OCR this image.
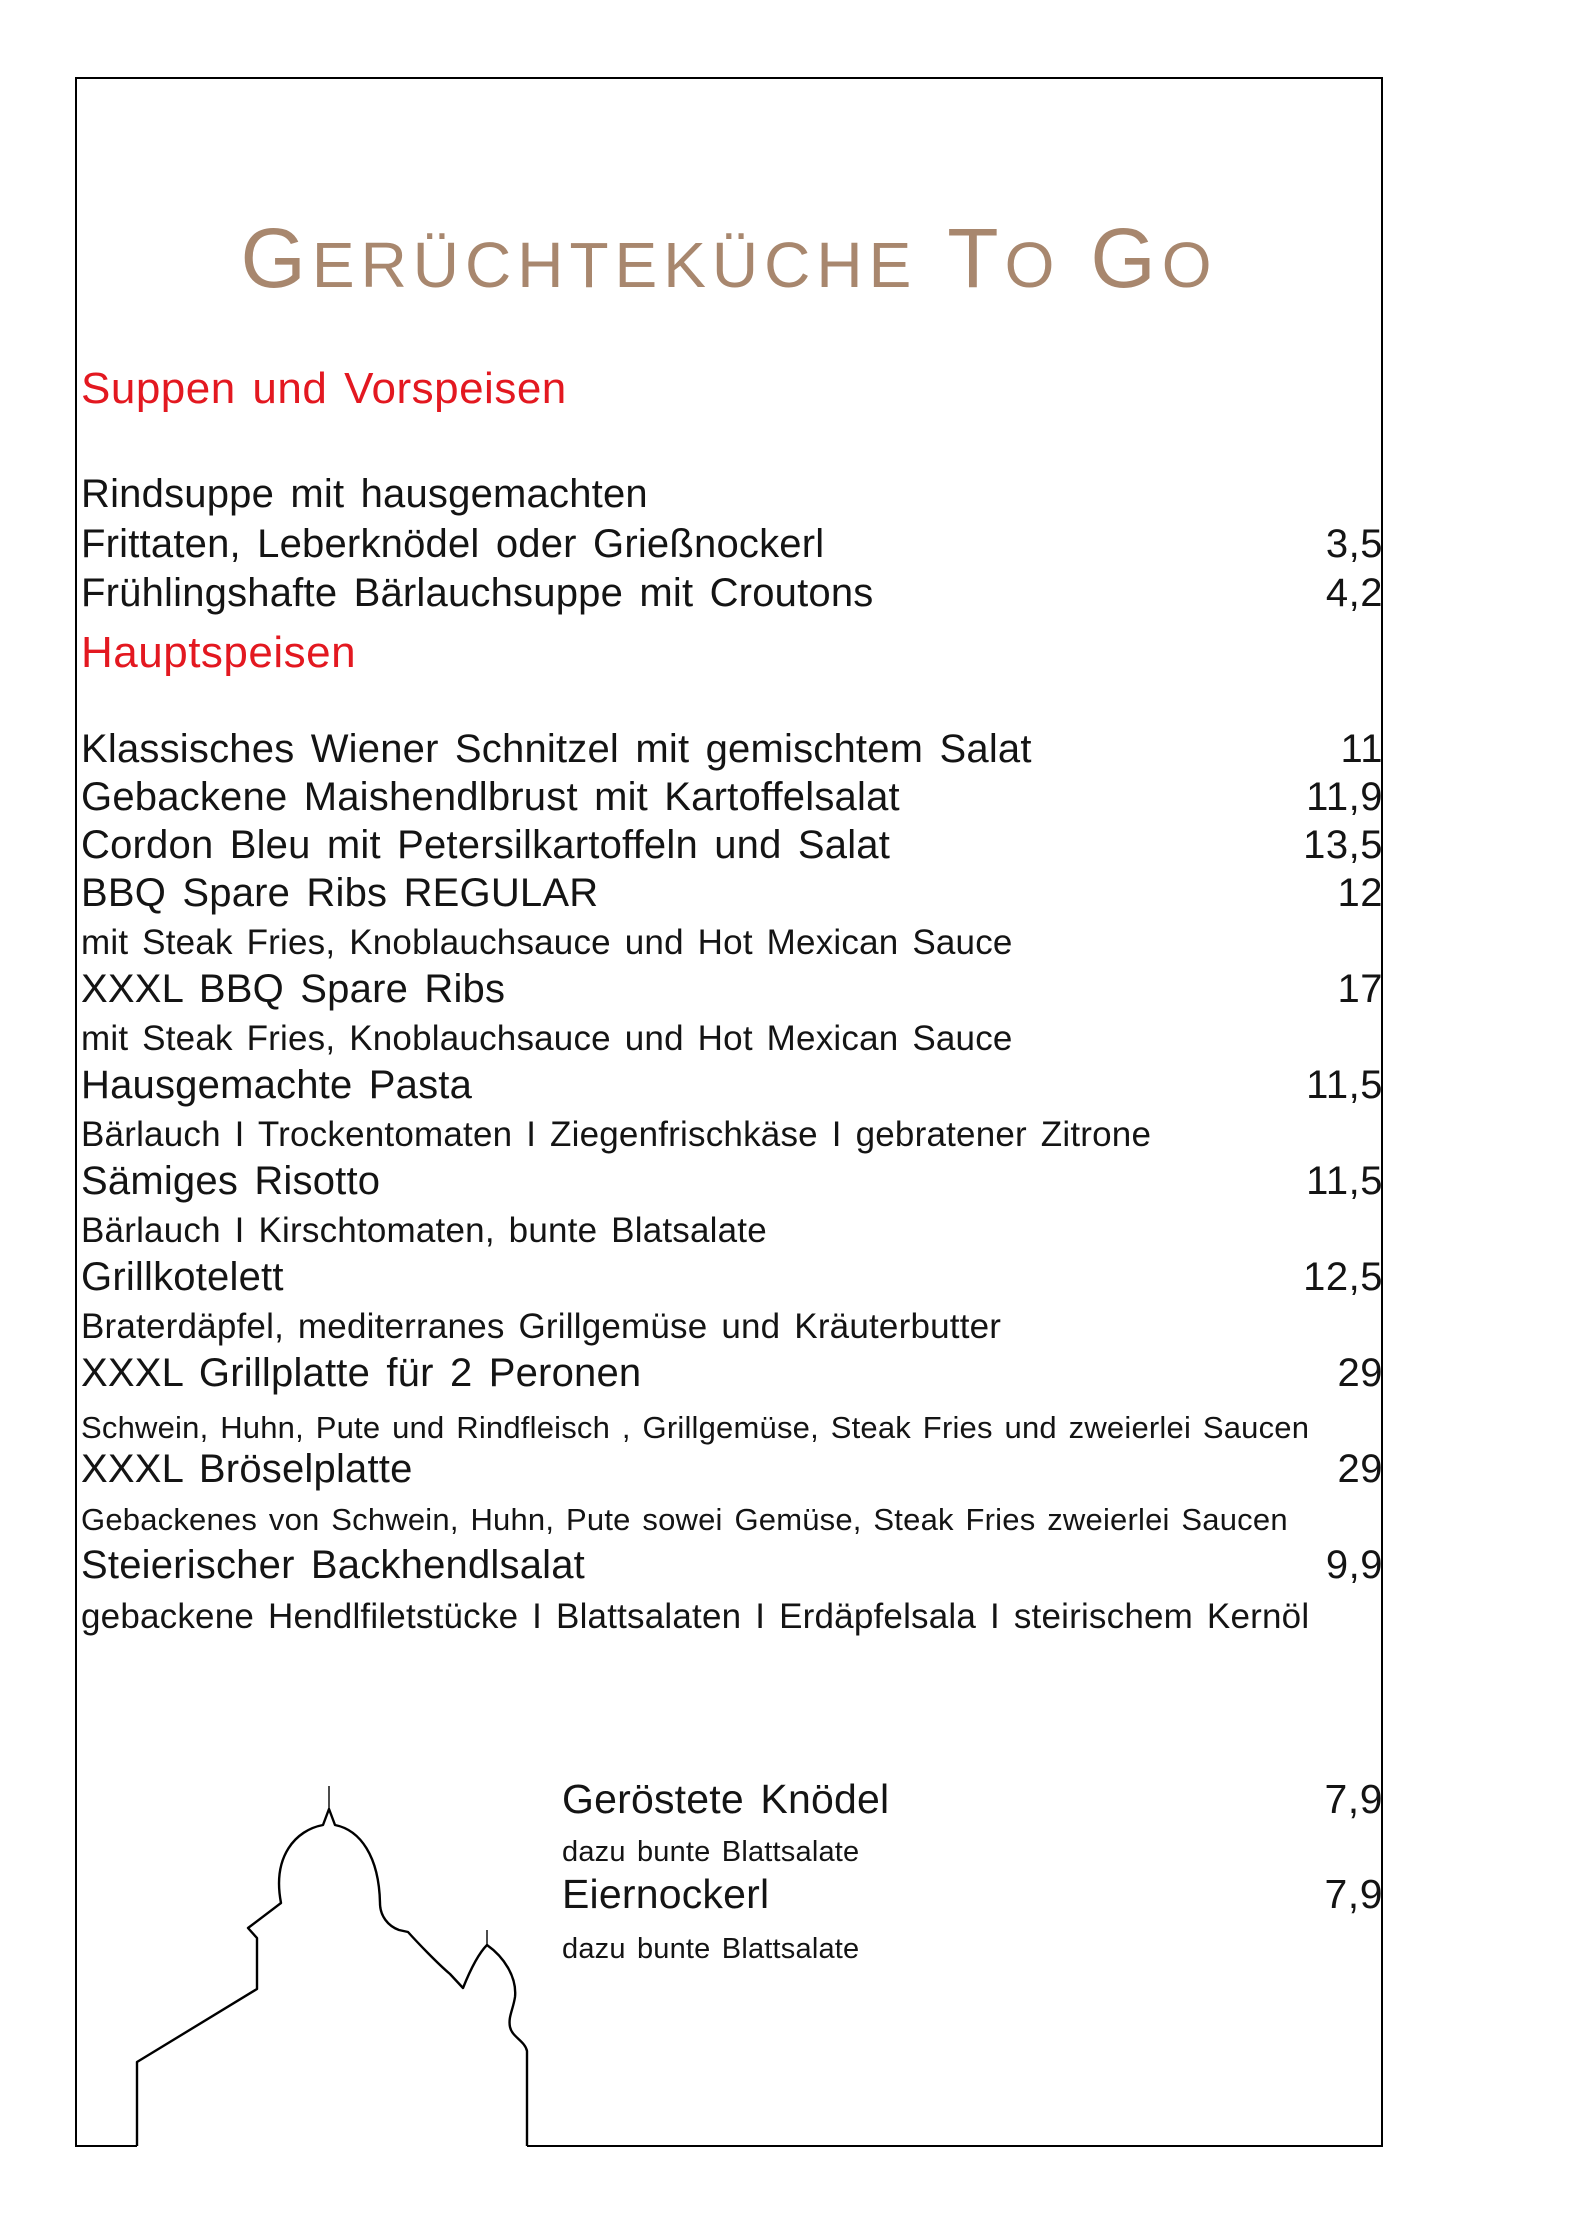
GERÜCHTEKÜCHE TO GO
Suppen und Vorspeisen
Rindsuppe mit hausgemachten
Frittaten, Leberknödel oder Grießnockerl	3,5
Frühlingshafte Bärlauchsuppe mit Croutons	4,2
Hauptspeisen
Klassisches Wiener Schnitzel mit gemischtem Salat	11
Gebackene Maishendlbrust mit Kartoffelsalat	11,9
Cordon Bleu mit Petersilkartoffeln und Salat	13,5
BBQ Spare Ribs REGULAR	12
mit Steak Fries, Knoblauchsauce und Hot Mexican Sauce
XXXL BBQ Spare Ribs	17
mit Steak Fries, Knoblauchsauce und Hot Mexican Sauce
Hausgemachte Pasta	11,5
Bärlauch I Trockentomaten I Ziegenfrischkäse I gebratener Zitrone
Sämiges Risotto	11,5
Bärlauch I Kirschtomaten, bunte Blatsalate
Grillkotelett	12,5
Braterdäpfel, mediterranes Grillgemüse und Kräuterbutter
XXXL Grillplatte für 2 Peronen	29
Schwein, Huhn, Pute und Rindfleisch , Grillgemüse, Steak Fries und zweierlei Saucen
XXXL Bröselplatte	29
Gebackenes von Schwein, Huhn, Pute sowei Gemüse, Steak Fries zweierlei Saucen
Steierischer Backhendlsalat	9,9
gebackene Hendlfiletstücke I Blattsalaten I Erdäpfelsala I steirischem Kernöl
Geröstete Knödel	7,9
dazu bunte Blattsalate
Eiernockerl	7,9
dazu bunte Blattsalate
